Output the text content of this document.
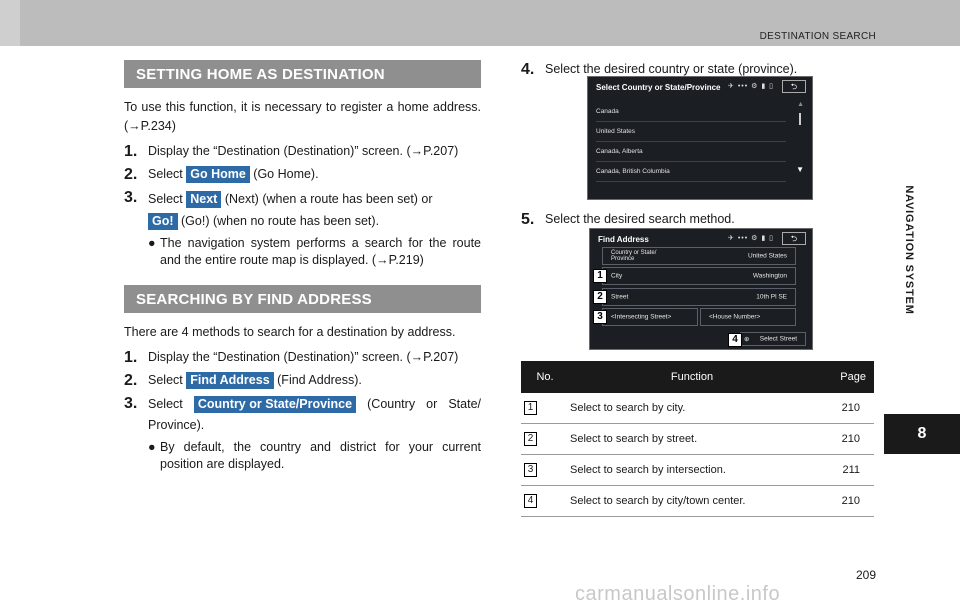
DESTINATION SEARCH
NAVIGATION SYSTEM
8
SETTING HOME AS DESTINATION
To use this function, it is necessary to register a home address. (→P.234)
1. Display the “Destination (Destination)” screen. (→P.207)
2. Select Go Home (Go Home).
3. Select Next (Next) (when a route has been set) or
Go! (Go!) (when no route has been set).
● The navigation system performs a search for the route and the entire route map is displayed. (→P.219)
SEARCHING BY FIND ADDRESS
There are 4 methods to search for a destination by address.
1. Display the “Destination (Destination)” screen. (→P.207)
2. Select Find Address (Find Address).
3. Select Country or State/Province (Country or State/ Province).
● By default, the country and district for your current position are displayed.
4. Select the desired country or state (province).
Select Country or State/Province ✈ ••• ⚙ ▮ ▯	⮌
Canada
United States
Canada, Alberta
Canada, British Columbia
▲
▼
5. Select the desired search method.
Find Address	✈ ••• ⚙ ▮ ▯	⮌
Country or State/ Province	United States
City	Washington
Street	10th Pl SE
<Intersecting Street>	<House Number>
⊕ Select Street
1
2
3
4
No.	Function	Page
1	Select to search by city.	210
2	Select to search by street.	210
3	Select to search by intersection.	211
4	Select to search by city/town center.	210
209
carmanualsonline.info
